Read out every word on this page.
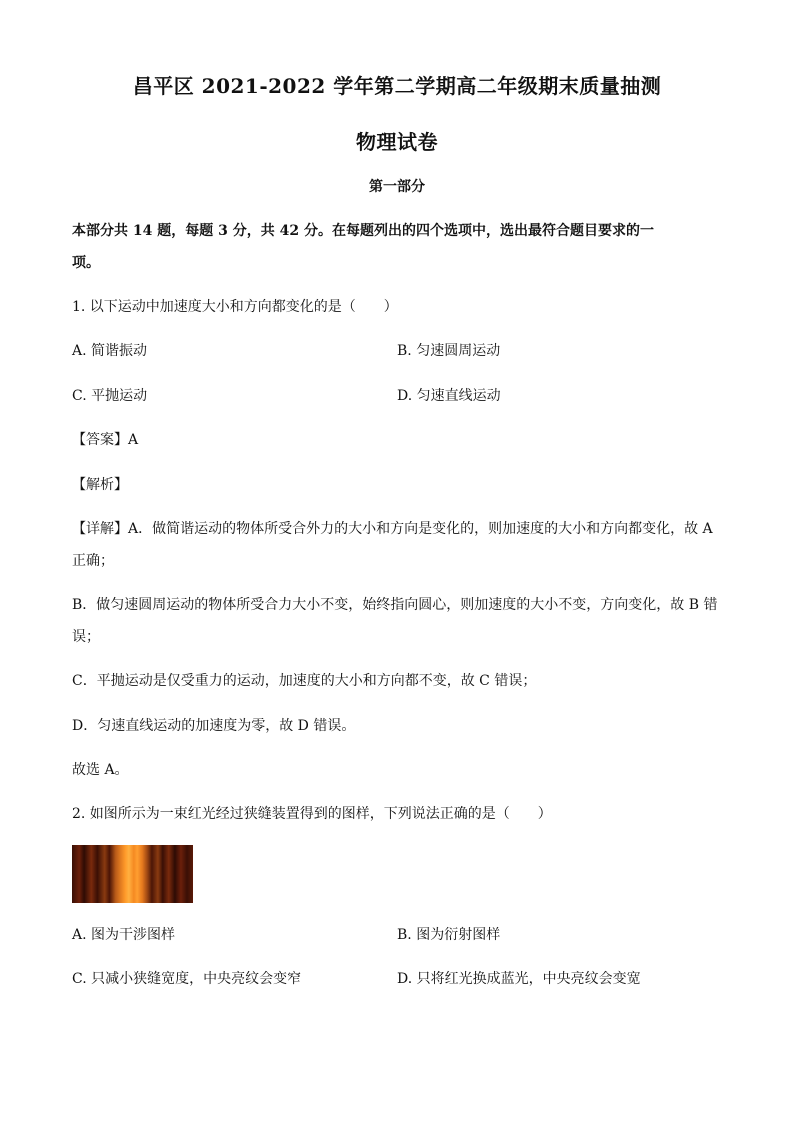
昌平区 2021-2022 学年第二学期高二年级期末质量抽测
物理试卷
第一部分
本部分共 14 题，每题 3 分，共 42 分。在每题列出的四个选项中，选出最符合题目要求的一
项。
1. 以下运动中加速度大小和方向都变化的是（　　）
A. 简谐振动	B. 匀速圆周运动
C. 平抛运动	D. 匀速直线运动
【答案】A
【解析】
【详解】A．做简谐运动的物体所受合外力的大小和方向是变化的，则加速度的大小和方向都变化，故 A
正确；
B．做匀速圆周运动的物体所受合力大小不变，始终指向圆心，则加速度的大小不变，方向变化，故 B 错
误；
C．平抛运动是仅受重力的运动，加速度的大小和方向都不变，故 C 错误；
D．匀速直线运动的加速度为零，故 D 错误。
故选 A。
2. 如图所示为一束红光经过狭缝装置得到的图样，下列说法正确的是（　　）
A. 图为干涉图样	B. 图为衍射图样
C. 只减小狭缝宽度，中央亮纹会变窄	D. 只将红光换成蓝光，中央亮纹会变宽
